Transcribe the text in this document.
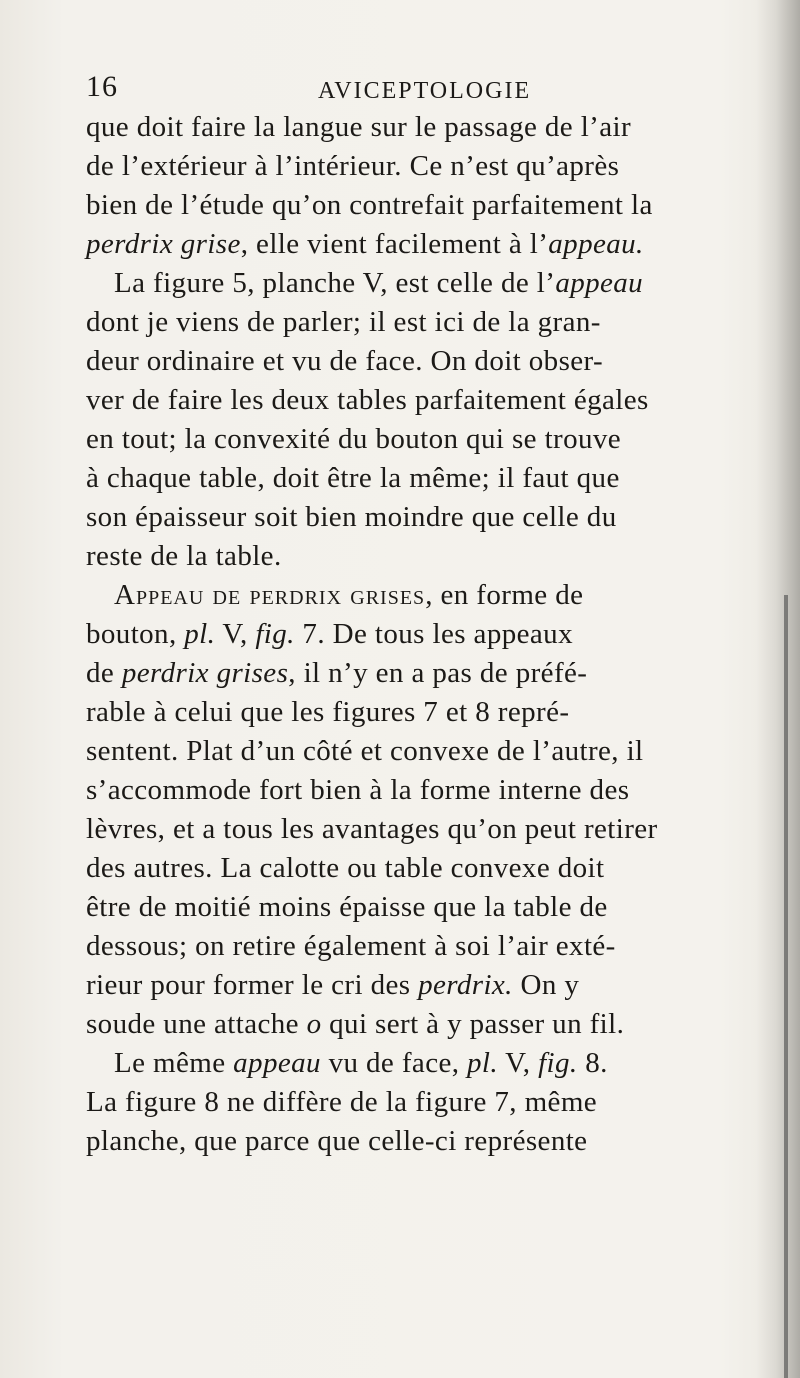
16	AVICEPTOLOGIE
que doit faire la langue sur le passage de l’air
de l’extérieur à l’intérieur. Ce n’est qu’après
bien de l’étude qu’on contrefait parfaitement la
perdrix grise, elle vient facilement à l’appeau.
La figure 5, planche V, est celle de l’appeau
dont je viens de parler; il est ici de la gran-
deur ordinaire et vu de face. On doit obser-
ver de faire les deux tables parfaitement égales
en tout; la convexité du bouton qui se trouve
à chaque table, doit être la même; il faut que
son épaisseur soit bien moindre que celle du
reste de la table.
Appeau de perdrix grises, en forme de
bouton, pl. V, fig. 7. De tous les appeaux
de perdrix grises, il n’y en a pas de préfé-
rable à celui que les figures 7 et 8 repré-
sentent. Plat d’un côté et convexe de l’autre, il
s’accommode fort bien à la forme interne des
lèvres, et a tous les avantages qu’on peut retirer
des autres. La calotte ou table convexe doit
être de moitié moins épaisse que la table de
dessous; on retire également à soi l’air exté-
rieur pour former le cri des perdrix. On y
soude une attache o qui sert à y passer un fil.
Le même appeau vu de face, pl. V, fig. 8.
La figure 8 ne diffère de la figure 7, même
planche, que parce que celle-ci représente
